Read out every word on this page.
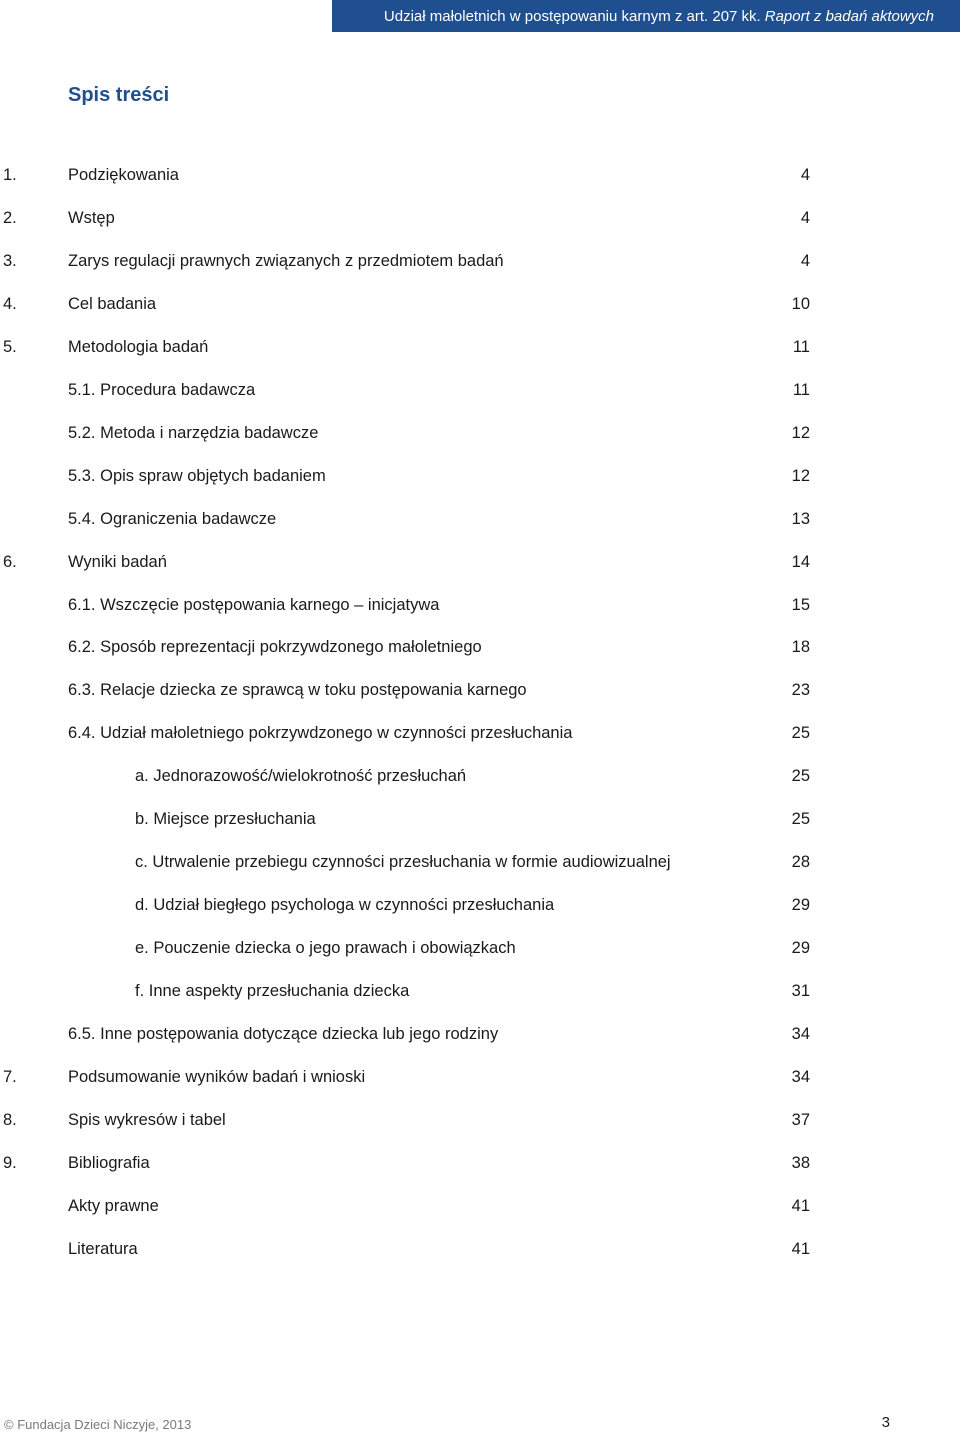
Udział małoletnich w postępowaniu karnym z art. 207 kk. Raport z badań aktowych
Spis treści
1.	Podziękowania	4
2.	Wstęp	4
3.	Zarys regulacji prawnych związanych z przedmiotem badań	4
4.	Cel badania	10
5.	Metodologia badań	11
5.1. Procedura badawcza	11
5.2. Metoda i narzędzia badawcze	12
5.3. Opis spraw objętych badaniem	12
5.4. Ograniczenia badawcze	13
6.	Wyniki badań	14
6.1. Wszczęcie postępowania karnego – inicjatywa	15
6.2. Sposób reprezentacji pokrzywdzonego małoletniego	18
6.3. Relacje dziecka ze sprawcą w toku postępowania karnego	23
6.4. Udział małoletniego pokrzywdzonego w czynności przesłuchania	25
a. Jednorazowość/wielokrotność przesłuchań	25
b. Miejsce przesłuchania	25
c. Utrwalenie przebiegu czynności przesłuchania w formie audiowizualnej	28
d. Udział biegłego psychologa w czynności przesłuchania	29
e. Pouczenie dziecka o jego prawach i obowiązkach	29
f. Inne aspekty przesłuchania dziecka	31
6.5. Inne postępowania dotyczące dziecka lub jego rodziny	34
7.	Podsumowanie wyników badań i wnioski	34
8.	Spis wykresów i tabel	37
9.	Bibliografia	38
Akty prawne	41
Literatura	41
© Fundacja Dzieci Niczyje, 2013	3
